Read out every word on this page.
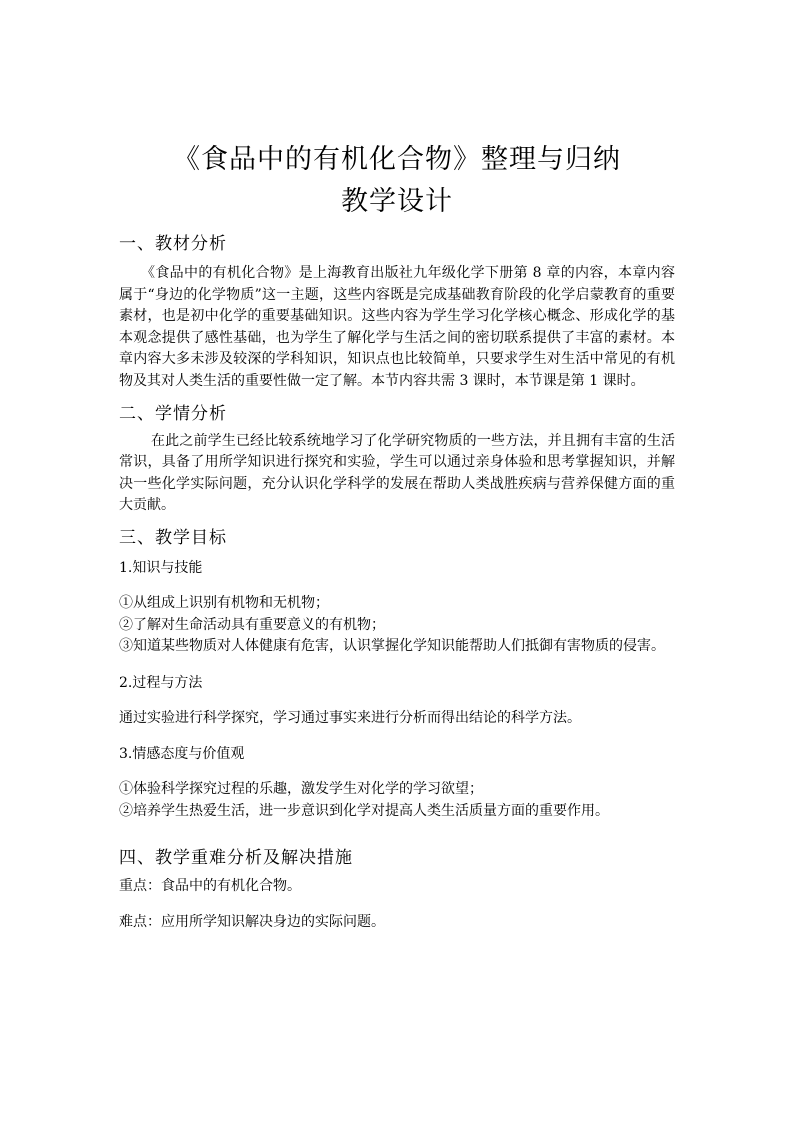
《食品中的有机化合物》整理与归纳
教学设计
一、教材分析

《食品中的有机化合物》是上海教育出版社九年级化学下册第 8 章的内容，本章内容属于“身边的化学物质”这一主题，这些内容既是完成基础教育阶段的化学启蒙教育的重要素材，也是初中化学的重要基础知识。这些内容为学生学习化学核心概念、形成化学的基本观念提供了感性基础，也为学生了解化学与生活之间的密切联系提供了丰富的素材。本章内容大多未涉及较深的学科知识，知识点也比较简单，只要求学生对生活中常见的有机物及其对人类生活的重要性做一定了解。本节内容共需 3 课时，本节课是第 1 课时。

二、学情分析

在此之前学生已经比较系统地学习了化学研究物质的一些方法，并且拥有丰富的生活常识，具备了用所学知识进行探究和实验，学生可以通过亲身体验和思考掌握知识，并解决一些化学实际问题，充分认识化学科学的发展在帮助人类战胜疾病与营养保健方面的重大贡献。

三、教学目标

1.知识与技能

①从组成上识别有机物和无机物；

②了解对生命活动具有重要意义的有机物；

③知道某些物质对人体健康有危害，认识掌握化学知识能帮助人们抵御有害物质的侵害。

2.过程与方法

通过实验进行科学探究，学习通过事实来进行分析而得出结论的科学方法。

3.情感态度与价值观

①体验科学探究过程的乐趣，激发学生对化学的学习欲望；

②培养学生热爱生活，进一步意识到化学对提高人类生活质量方面的重要作用。

四、教学重难分析及解决措施

重点：食品中的有机化合物。

难点：应用所学知识解决身边的实际问题。
